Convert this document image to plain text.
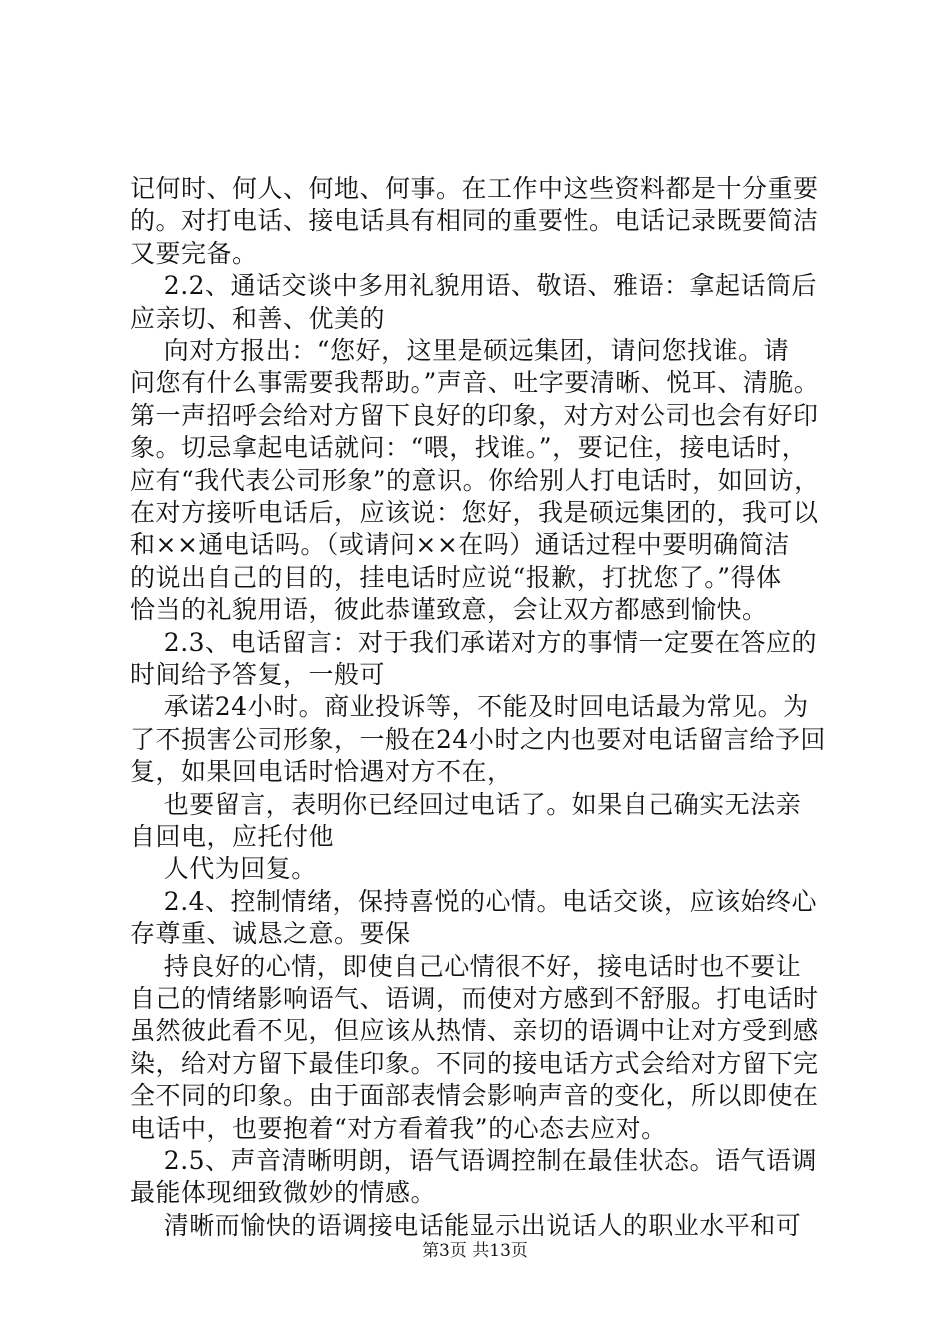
记何时、何人、何地、何事。在工作中这些资料都是十分重要
的。对打电话、接电话具有相同的重要性。电话记录既要简洁
又要完备。
2.2、通话交谈中多用礼貌用语、敬语、雅语：拿起话筒后
应亲切、和善、优美的
向对方报出：“您好，这里是硕远集团，请问您找谁。请
问您有什么事需要我帮助。”声音、吐字要清晰、悦耳、清脆。
第一声招呼会给对方留下良好的印象，对方对公司也会有好印
象。切忌拿起电话就问：“喂，找谁。”，要记住，接电话时，
应有“我代表公司形象”的意识。你给别人打电话时，如回访，
在对方接听电话后，应该说：您好，我是硕远集团的，我可以
和××通电话吗。（或请问××在吗）通话过程中要明确简洁
的说出自己的目的，挂电话时应说“报歉，打扰您了。”得体
恰当的礼貌用语，彼此恭谨致意，会让双方都感到愉快。
2.3、电话留言：对于我们承诺对方的事情一定要在答应的
时间给予答复，一般可
承诺24小时。商业投诉等，不能及时回电话最为常见。为
了不损害公司形象，一般在24小时之内也要对电话留言给予回
复，如果回电话时恰遇对方不在，
也要留言，表明你已经回过电话了。如果自己确实无法亲
自回电，应托付他
人代为回复。
2.4、控制情绪，保持喜悦的心情。电话交谈，应该始终心
存尊重、诚恳之意。要保
持良好的心情，即使自己心情很不好，接电话时也不要让
自己的情绪影响语气、语调，而使对方感到不舒服。打电话时
虽然彼此看不见，但应该从热情、亲切的语调中让对方受到感
染，给对方留下最佳印象。不同的接电话方式会给对方留下完
全不同的印象。由于面部表情会影响声音的变化，所以即使在
电话中，也要抱着“对方看着我”的心态去应对。
2.5、声音清晰明朗，语气语调控制在最佳状态。语气语调
最能体现细致微妙的情感。
清晰而愉快的语调接电话能显示出说话人的职业水平和可
第3页 共13页
